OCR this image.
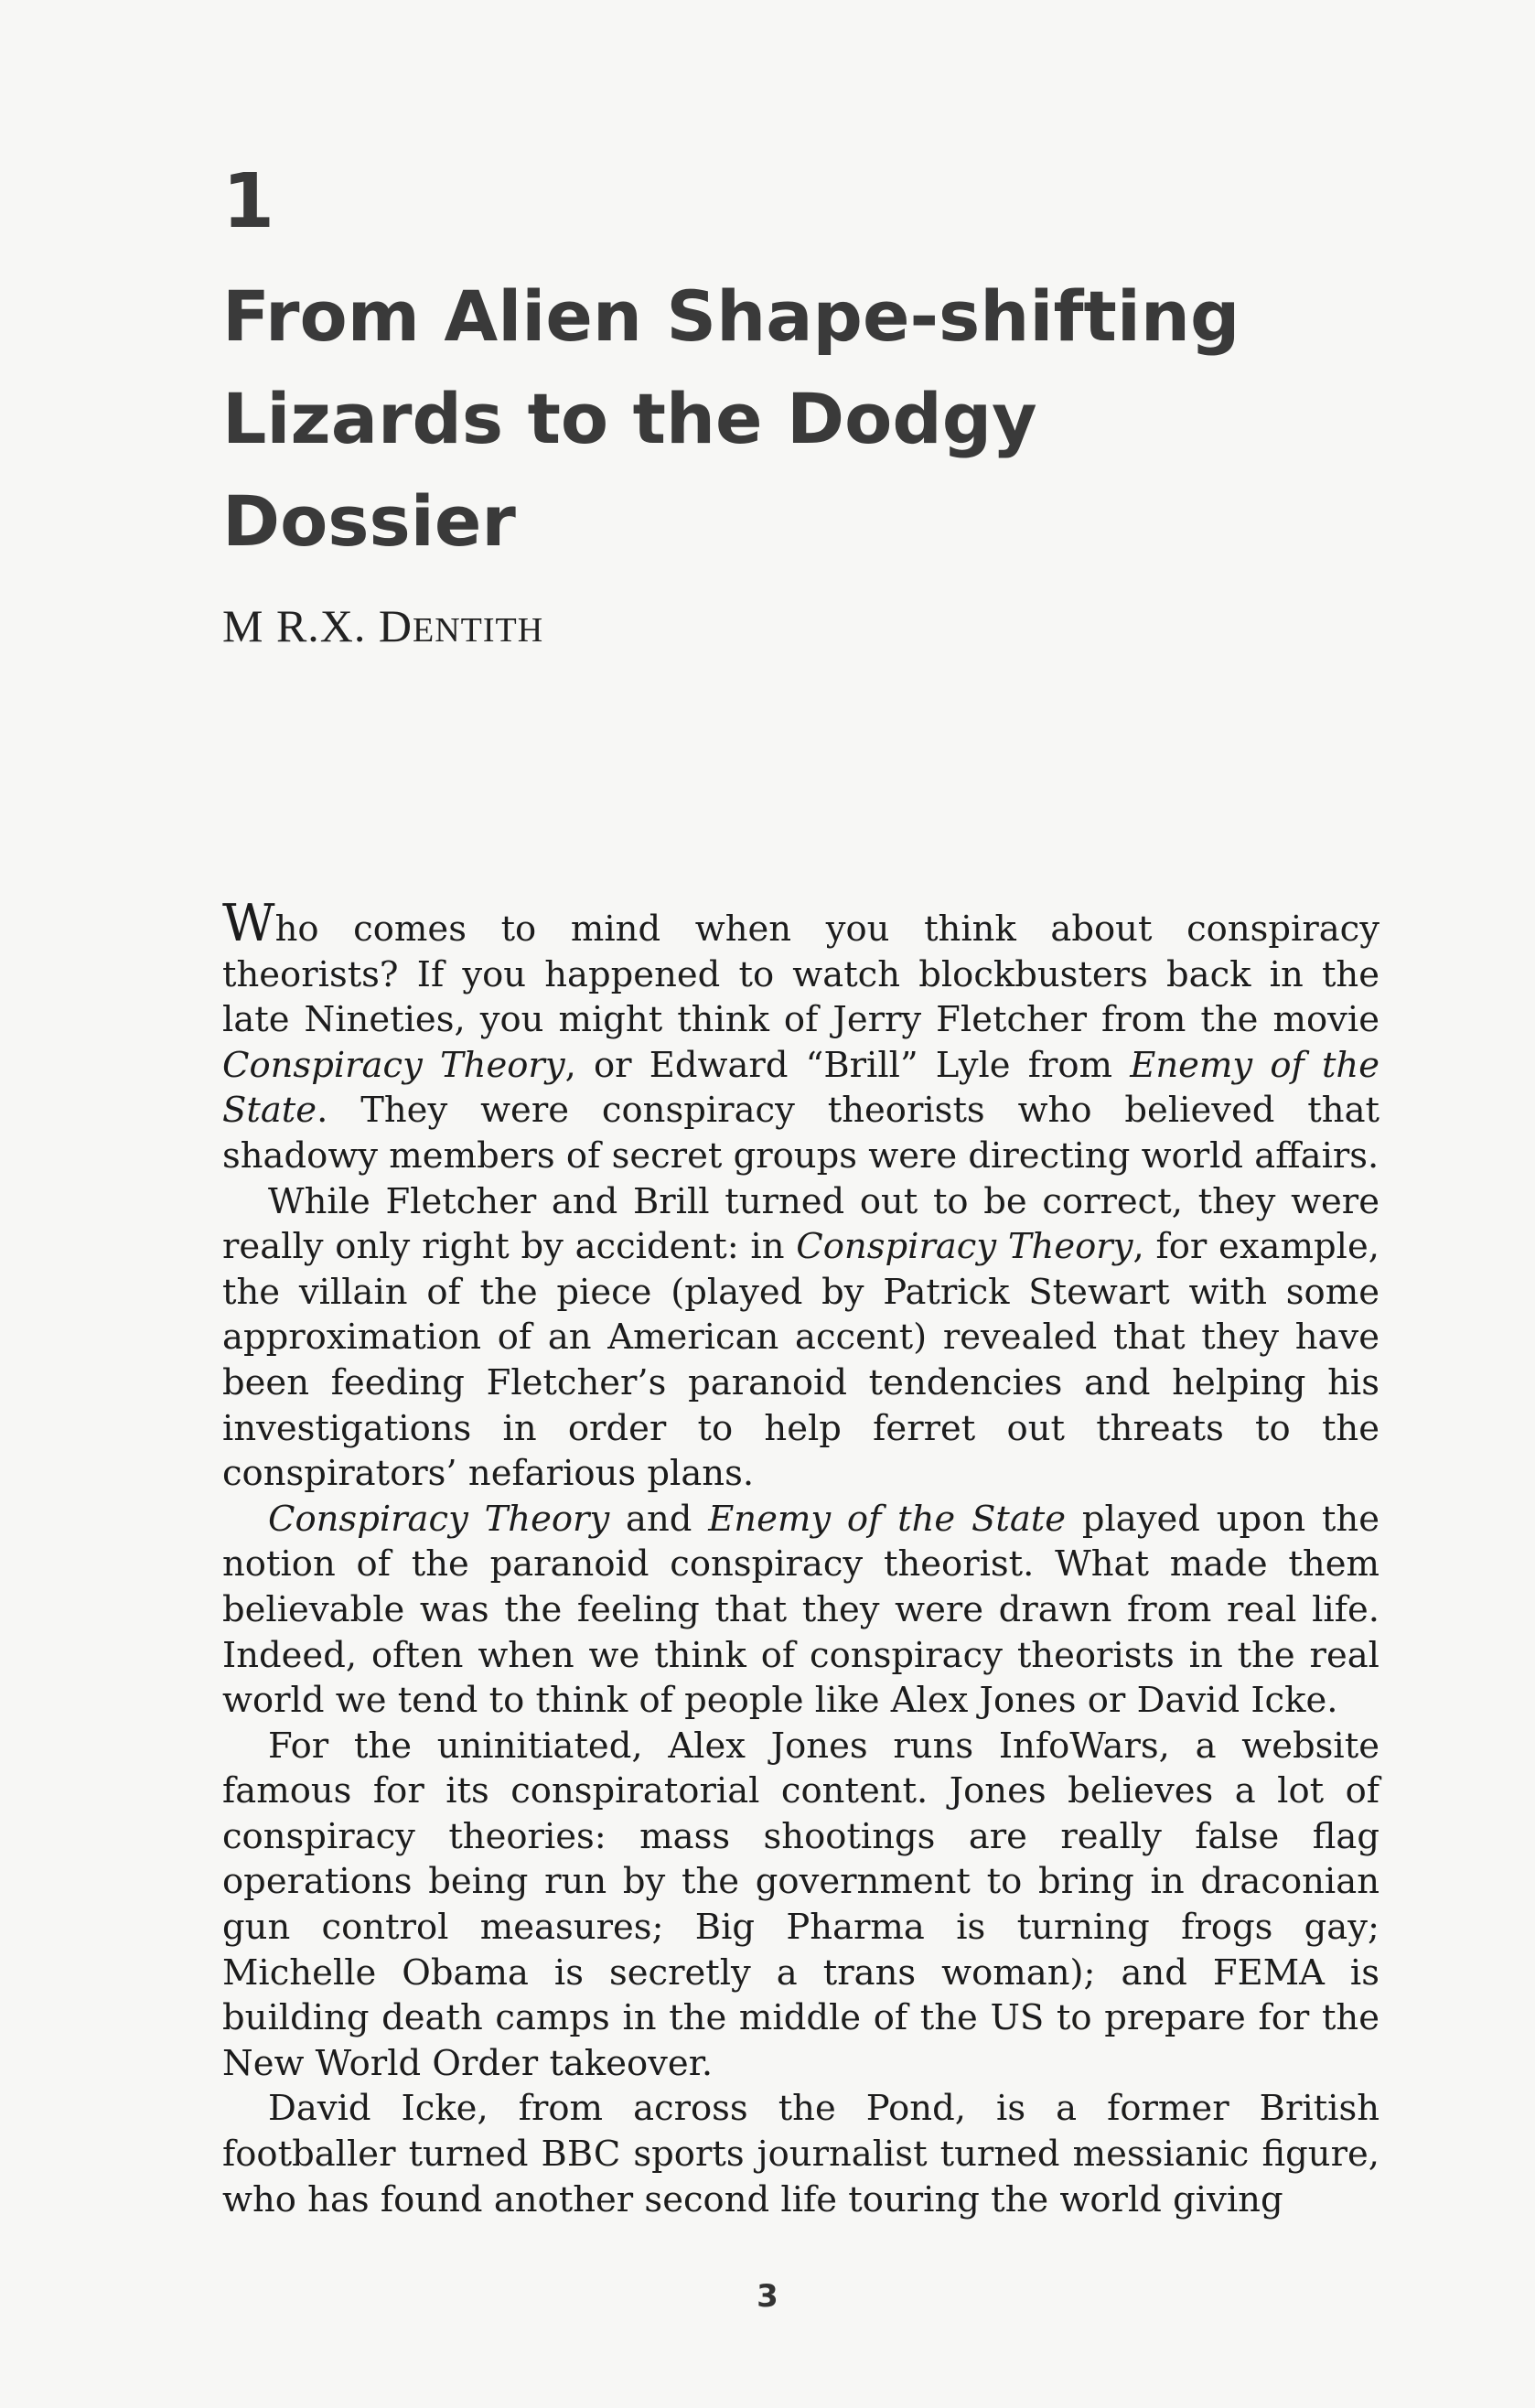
1
From Alien Shape-shifting
Lizards to the Dodgy
Dossier
M R.X. DENTITH

Who comes to mind when you think about conspiracy theorists? If you happened to watch blockbusters back in the late Nineties, you might think of Jerry Fletcher from the movie Conspiracy Theory, or Edward “Brill” Lyle from Enemy of the State. They were conspiracy theorists who believed that shadowy members of secret groups were directing world affairs.

While Fletcher and Brill turned out to be correct, they were really only right by accident: in Conspiracy Theory, for example, the villain of the piece (played by Patrick Stewart with some approximation of an American accent) revealed that they have been feeding Fletcher’s paranoid tendencies and helping his investigations in order to help ferret out threats to the conspirators’ nefarious plans.

Conspiracy Theory and Enemy of the State played upon the notion of the paranoid conspiracy theorist. What made them believable was the feeling that they were drawn from real life. Indeed, often when we think of conspiracy theorists in the real world we tend to think of people like Alex Jones or David Icke.

For the uninitiated, Alex Jones runs InfoWars, a website famous for its conspiratorial content. Jones believes a lot of conspiracy theories: mass shootings are really false flag operations being run by the government to bring in draconian gun control measures; Big Pharma is turning frogs gay; Michelle Obama is secretly a trans woman); and FEMA is building death camps in the middle of the US to prepare for the New World Order takeover.

David Icke, from across the Pond, is a former British footballer turned BBC sports journalist turned messianic figure, who has found another second life touring the world giving

3
